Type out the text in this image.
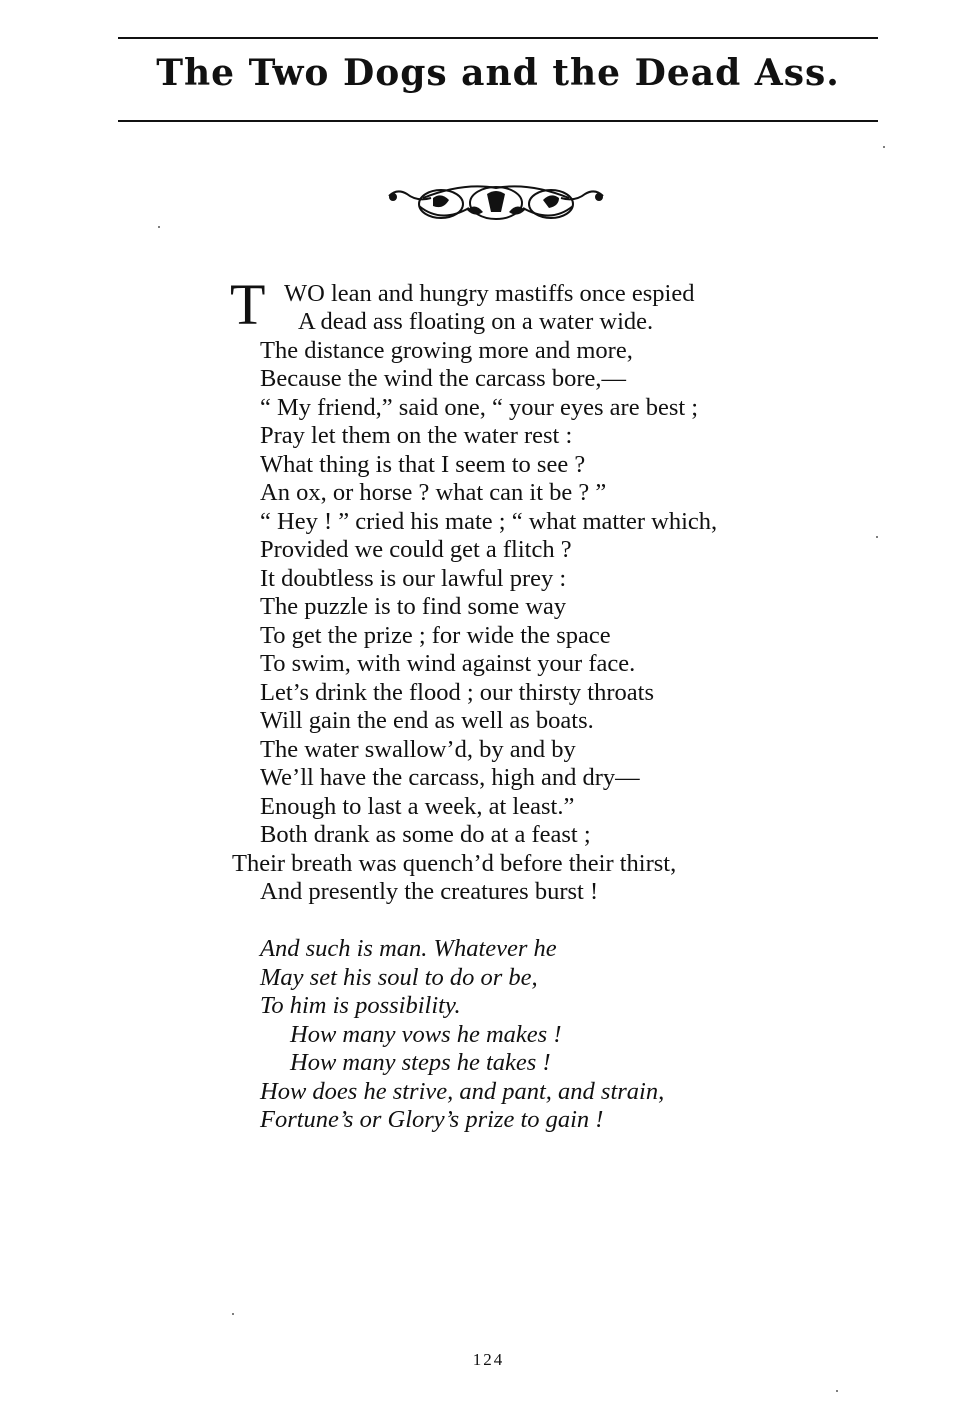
The Two Dogs and the Dead Ass.
T WO lean and hungry mastiffs once espied
A dead ass floating on a water wide.
The distance growing more and more,
Because the wind the carcass bore,—
“ My friend,” said one, “ your eyes are best ;
Pray let them on the water rest :
What thing is that I seem to see ?
An ox, or horse ? what can it be ? ”
“ Hey ! ” cried his mate ; “ what matter which,
Provided we could get a flitch ?
It doubtless is our lawful prey :
The puzzle is to find some way
To get the prize ; for wide the space
To swim, with wind against your face.
Let’s drink the flood ; our thirsty throats
Will gain the end as well as boats.
The water swallow’d, by and by
We’ll have the carcass, high and dry—
Enough to last a week, at least.”
Both drank as some do at a feast ;
Their breath was quench’d before their thirst,
And presently the creatures burst !
And such is man. Whatever he
May set his soul to do or be,
To him is possibility.
How many vows he makes !
How many steps he takes !
How does he strive, and pant, and strain,
Fortune’s or Glory’s prize to gain !
124
